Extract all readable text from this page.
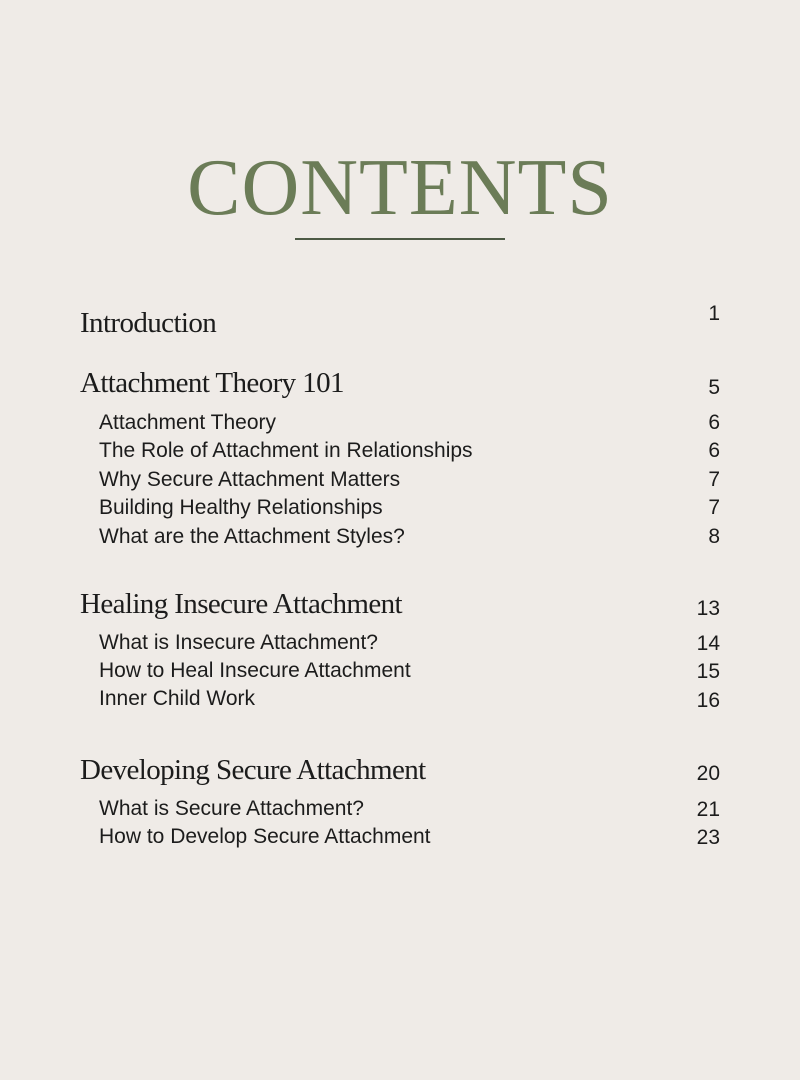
CONTENTS
Introduction	1
Attachment Theory 101	5
Attachment Theory	6
The Role of Attachment in Relationships	6
Why Secure Attachment Matters	7
Building Healthy Relationships	7
What are the Attachment Styles?	8
Healing Insecure Attachment	13
What is Insecure Attachment?	14
How to Heal Insecure Attachment	15
Inner Child Work	16
Developing Secure Attachment	20
What is Secure Attachment?	21
How to Develop Secure Attachment	23
